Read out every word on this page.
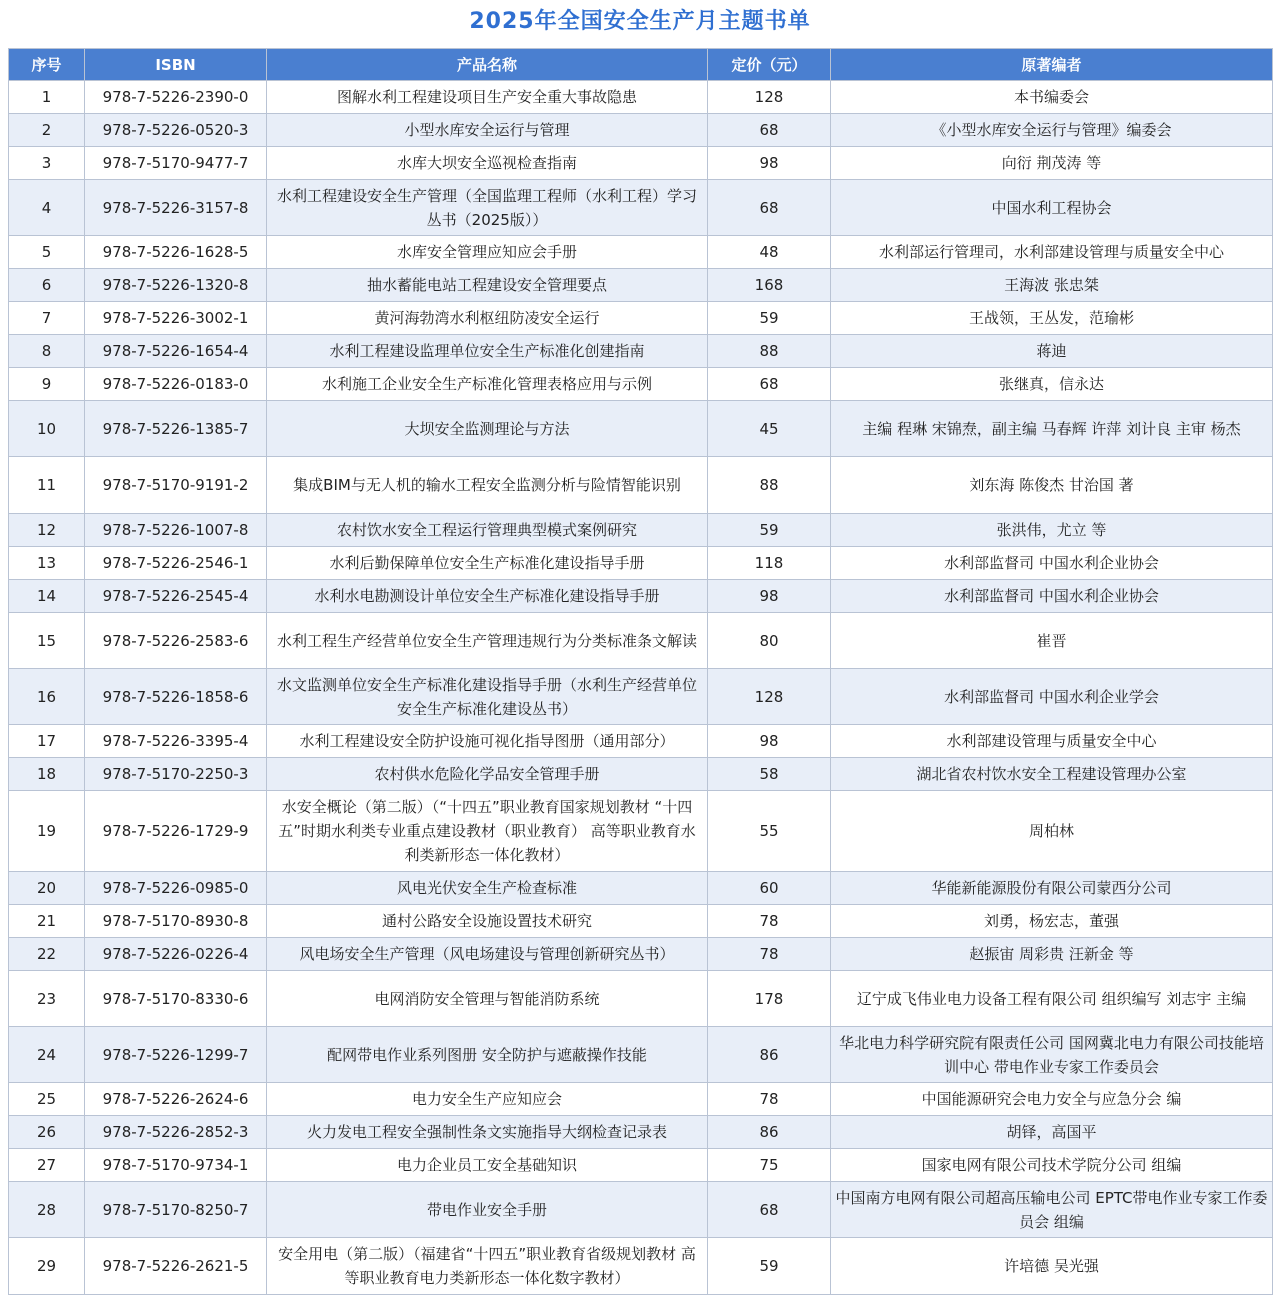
2025年全国安全生产月主题书单
序号	ISBN	产品名称	定价（元）	原著编者
1	978-7-5226-2390-0	图解水利工程建设项目生产安全重大事故隐患	128	本书编委会
2	978-7-5226-0520-3	小型水库安全运行与管理	68	《小型水库安全运行与管理》编委会
3	978-7-5170-9477-7	水库大坝安全巡视检查指南	98	向衍 荆茂涛 等
4	978-7-5226-3157-8	水利工程建设安全生产管理（全国监理工程师（水利工程）学习丛书（2025版））	68	中国水利工程协会
5	978-7-5226-1628-5	水库安全管理应知应会手册	48	水利部运行管理司，水利部建设管理与质量安全中心
6	978-7-5226-1320-8	抽水蓄能电站工程建设安全管理要点	168	王海波 张忠桀
7	978-7-5226-3002-1	黄河海勃湾水利枢纽防凌安全运行	59	王战领，王丛发，范瑜彬
8	978-7-5226-1654-4	水利工程建设监理单位安全生产标准化创建指南	88	蒋迪
9	978-7-5226-0183-0	水利施工企业安全生产标准化管理表格应用与示例	68	张继真，信永达
10	978-7-5226-1385-7	大坝安全监测理论与方法	45	主编 程琳 宋锦焘，副主编 马春辉 许萍 刘计良 主审 杨杰
11	978-7-5170-9191-2	集成BIM与无人机的输水工程安全监测分析与险情智能识别	88	刘东海 陈俊杰 甘治国 著
12	978-7-5226-1007-8	农村饮水安全工程运行管理典型模式案例研究	59	张洪伟，尤立 等
13	978-7-5226-2546-1	水利后勤保障单位安全生产标准化建设指导手册	118	水利部监督司 中国水利企业协会
14	978-7-5226-2545-4	水利水电勘测设计单位安全生产标准化建设指导手册	98	水利部监督司 中国水利企业协会
15	978-7-5226-2583-6	水利工程生产经营单位安全生产管理违规行为分类标准条文解读	80	崔晋
16	978-7-5226-1858-6	水文监测单位安全生产标准化建设指导手册（水利生产经营单位安全生产标准化建设丛书）	128	水利部监督司 中国水利企业学会
17	978-7-5226-3395-4	水利工程建设安全防护设施可视化指导图册（通用部分）	98	水利部建设管理与质量安全中心
18	978-7-5170-2250-3	农村供水危险化学品安全管理手册	58	湖北省农村饮水安全工程建设管理办公室
19	978-7-5226-1729-9	水安全概论（第二版）（“十四五”职业教育国家规划教材 “十四五”时期水利类专业重点建设教材（职业教育） 高等职业教育水利类新形态一体化教材）	55	周柏林
20	978-7-5226-0985-0	风电光伏安全生产检查标准	60	华能新能源股份有限公司蒙西分公司
21	978-7-5170-8930-8	通村公路安全设施设置技术研究	78	刘勇，杨宏志，董强
22	978-7-5226-0226-4	风电场安全生产管理（风电场建设与管理创新研究丛书）	78	赵振宙 周彩贵 汪新金 等
23	978-7-5170-8330-6	电网消防安全管理与智能消防系统	178	辽宁成飞伟业电力设备工程有限公司 组织编写 刘志宇 主编
24	978-7-5226-1299-7	配网带电作业系列图册 安全防护与遮蔽操作技能	86	华北电力科学研究院有限责任公司 国网冀北电力有限公司技能培训中心 带电作业专家工作委员会
25	978-7-5226-2624-6	电力安全生产应知应会	78	中国能源研究会电力安全与应急分会 编
26	978-7-5226-2852-3	火力发电工程安全强制性条文实施指导大纲检查记录表	86	胡铎，高国平
27	978-7-5170-9734-1	电力企业员工安全基础知识	75	国家电网有限公司技术学院分公司 组编
28	978-7-5170-8250-7	带电作业安全手册	68	中国南方电网有限公司超高压输电公司 EPTC带电作业专家工作委员会 组编
29	978-7-5226-2621-5	安全用电（第二版）（福建省“十四五”职业教育省级规划教材 高等职业教育电力类新形态一体化数字教材）	59	许培德 吴光强
